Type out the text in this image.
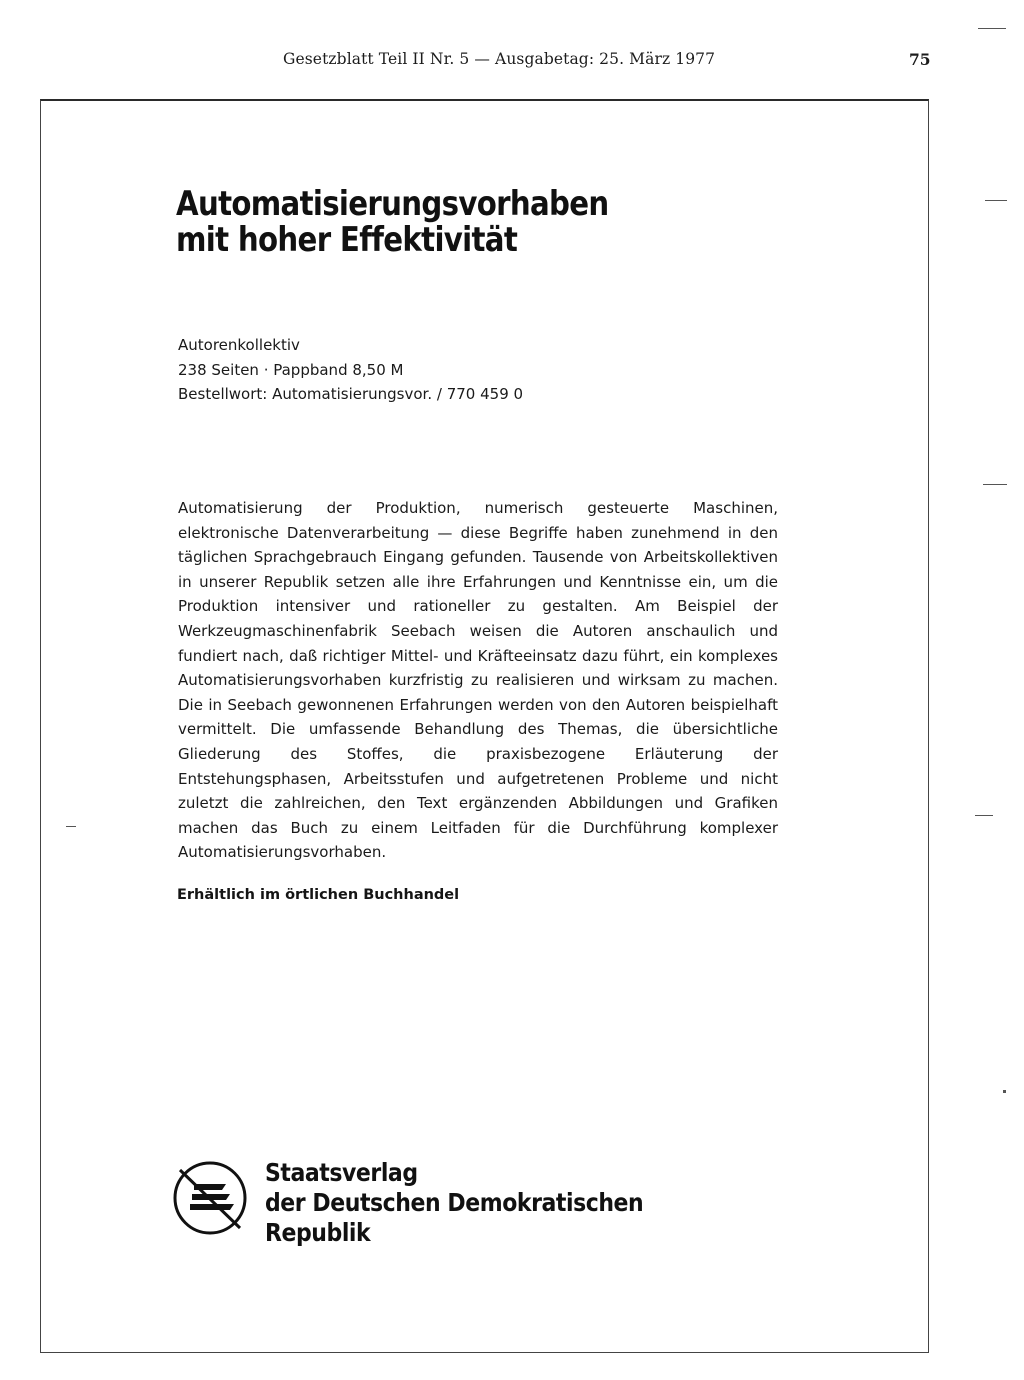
Gesetzblatt Teil II Nr. 5 — Ausgabetag: 25. März 1977	75
Automatisierungsvorhaben
mit hoher Effektivität
Autorenkollektiv
238 Seiten · Pappband 8,50 M
Bestellwort: Automatisierungsvor. / 770 459 0

Automatisierung der Produktion, numerisch gesteuerte Maschinen, elektronische Datenverarbeitung — diese Begriffe haben zunehmend in den täglichen Sprachgebrauch Eingang gefunden. Tausende von Arbeitskollektiven in unserer Republik setzen alle ihre Erfahrungen und Kenntnisse ein, um die Produktion intensiver und rationeller zu gestalten. Am Beispiel der Werkzeugmaschinenfabrik Seebach weisen die Autoren anschaulich und fundiert nach, daß richtiger Mittel- und Kräfteeinsatz dazu führt, ein komplexes Automatisierungsvorhaben kurzfristig zu realisieren und wirksam zu machen. Die in Seebach gewonnenen Erfahrungen werden von den Autoren beispielhaft vermittelt. Die umfassende Behandlung des Themas, die übersichtliche Gliederung des Stoffes, die praxisbezogene Erläuterung der Entstehungsphasen, Arbeitsstufen und aufgetretenen Probleme und nicht zuletzt die zahlreichen, den Text ergänzenden Abbildungen und Grafiken machen das Buch zu einem Leitfaden für die Durchführung komplexer Automatisierungsvorhaben.

Erhältlich im örtlichen Buchhandel
Staatsverlag
der Deutschen Demokratischen
Republik
